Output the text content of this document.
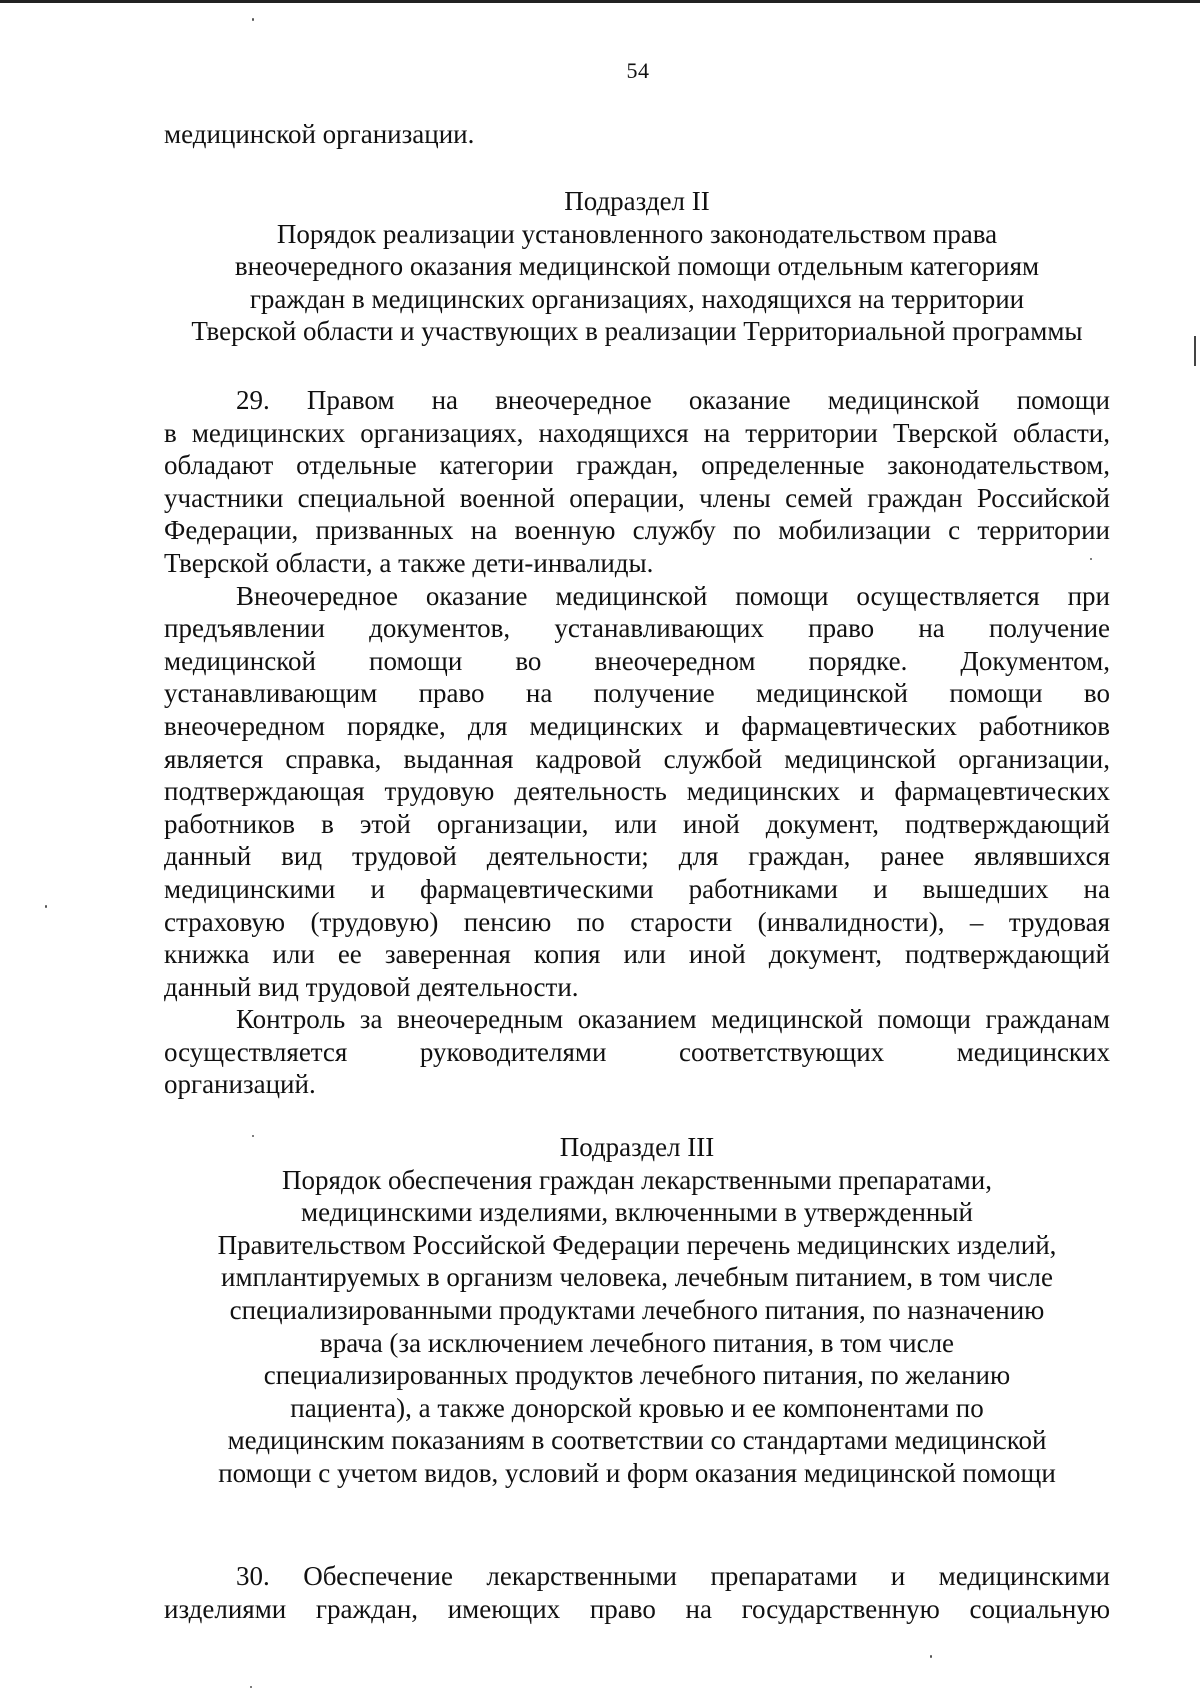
54
медицинской организации.
Подраздел II
Порядок реализации установленного законодательством права
внеочередного оказания медицинской помощи отдельным категориям
граждан в медицинских организациях, находящихся на территории
Тверской области и участвующих в реализации Территориальной программы
29. Правом на внеочередное оказание медицинской помощи
в медицинских организациях, находящихся на территории Тверской области,
обладают отдельные категории граждан, определенные законодательством,
участники специальной военной операции, члены семей граждан Российской
Федерации, призванных на военную службу по мобилизации с территории
Тверской области, а также дети-инвалиды.
Внеочередное оказание медицинской помощи осуществляется при
предъявлении документов, устанавливающих право на получение
медицинской помощи во внеочередном порядке. Документом,
устанавливающим право на получение медицинской помощи во
внеочередном порядке, для медицинских и фармацевтических работников
является справка, выданная кадровой службой медицинской организации,
подтверждающая трудовую деятельность медицинских и фармацевтических
работников в этой организации, или иной документ, подтверждающий
данный вид трудовой деятельности; для граждан, ранее являвшихся
медицинскими и фармацевтическими работниками и вышедших на
страховую (трудовую) пенсию по старости (инвалидности), – трудовая
книжка или ее заверенная копия или иной документ, подтверждающий
данный вид трудовой деятельности.
Контроль за внеочередным оказанием медицинской помощи гражданам
осуществляется руководителями соответствующих медицинских
организаций.
Подраздел III
Порядок обеспечения граждан лекарственными препаратами,
медицинскими изделиями, включенными в утвержденный
Правительством Российской Федерации перечень медицинских изделий,
имплантируемых в организм человека, лечебным питанием, в том числе
специализированными продуктами лечебного питания, по назначению
врача (за исключением лечебного питания, в том числе
специализированных продуктов лечебного питания, по желанию
пациента), а также донорской кровью и ее компонентами по
медицинским показаниям в соответствии со стандартами медицинской
помощи с учетом видов, условий и форм оказания медицинской помощи
30. Обеспечение лекарственными препаратами и медицинскими
изделиями граждан, имеющих право на государственную социальную
